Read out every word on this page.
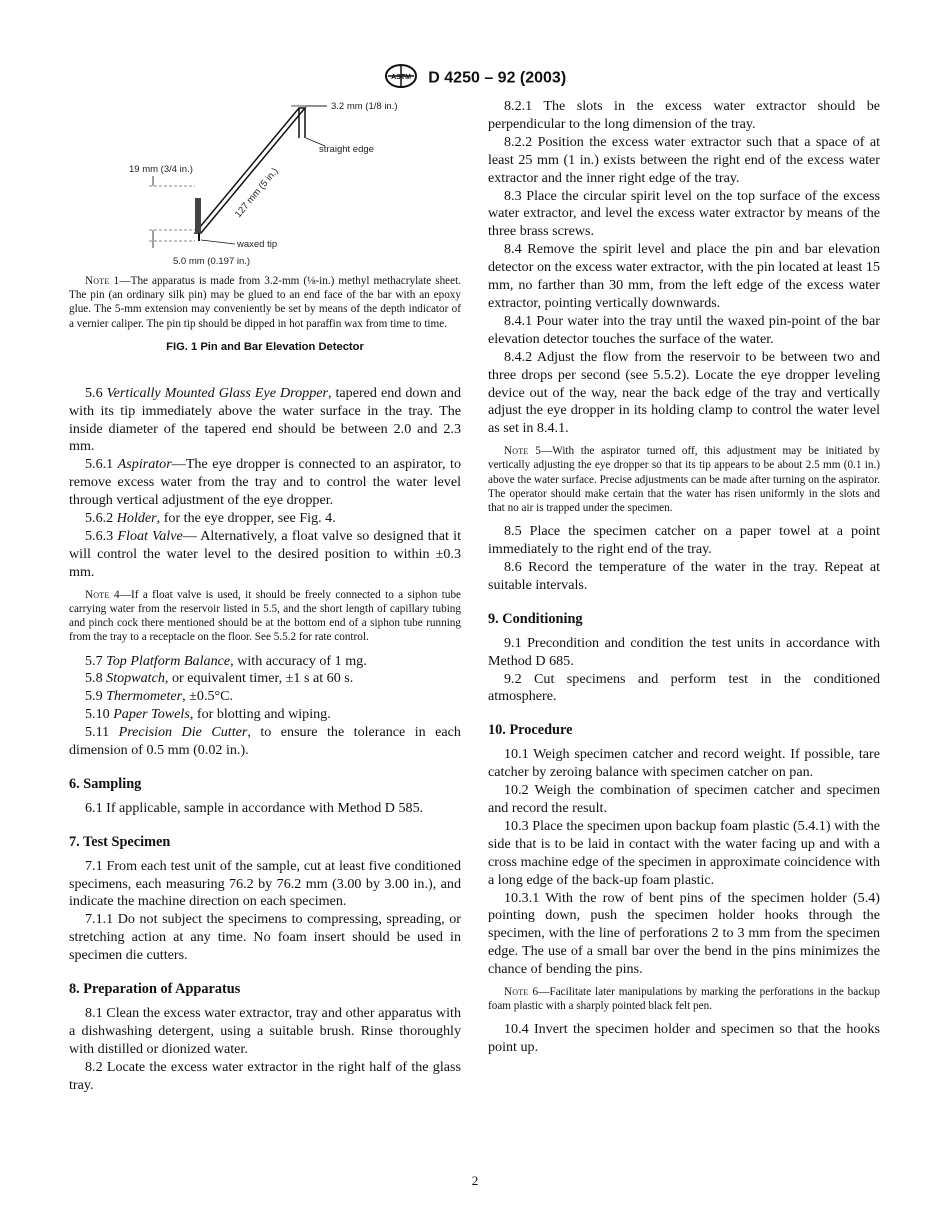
ASTM D 4250 – 92 (2003)
3.2 mm (1/8 in.)
straight edge
19 mm (3/4 in.)	127 mm (5 in.)
waxed tip
5.0 mm (0.197 in.)
Note 1—The apparatus is made from 3.2-mm (⅛-in.) methyl methacrylate sheet. The pin (an ordinary silk pin) may be glued to an end face of the bar with an epoxy glue. The 5-mm extension may conveniently be set by means of the depth indicator of a vernier caliper. The pin tip should be dipped in hot paraffin wax from time to time.
FIG. 1 Pin and Bar Elevation Detector

5.6 Vertically Mounted Glass Eye Dropper, tapered end down and with its tip immediately above the water surface in the tray. The inside diameter of the tapered end should be between 2.0 and 2.3 mm.

5.6.1 Aspirator—The eye dropper is connected to an aspirator, to remove excess water from the tray and to control the water level through vertical adjustment of the eye dropper.

5.6.2 Holder, for the eye dropper, see Fig. 4.

5.6.3 Float Valve— Alternatively, a float valve so designed that it will control the water level to the desired position to within ±0.3 mm.

Note 4—If a float valve is used, it should be freely connected to a siphon tube carrying water from the reservoir listed in 5.5, and the short length of capillary tubing and pinch cock there mentioned should be at the bottom end of a siphon tube running from the tray to a receptacle on the floor. See 5.5.2 for rate control.

5.7 Top Platform Balance, with accuracy of 1 mg.

5.8 Stopwatch, or equivalent timer, ±1 s at 60 s.

5.9 Thermometer, ±0.5°C.

5.10 Paper Towels, for blotting and wiping.

5.11 Precision Die Cutter, to ensure the tolerance in each dimension of 0.5 mm (0.02 in.).

6. Sampling

6.1 If applicable, sample in accordance with Method D 585.

7. Test Specimen

7.1 From each test unit of the sample, cut at least five conditioned specimens, each measuring 76.2 by 76.2 mm (3.00 by 3.00 in.), and indicate the machine direction on each specimen.

7.1.1 Do not subject the specimens to compressing, spreading, or stretching action at any time. No foam insert should be used in specimen die cutters.

8. Preparation of Apparatus

8.1 Clean the excess water extractor, tray and other apparatus with a dishwashing detergent, using a suitable brush. Rinse thoroughly with distilled or dionized water.

8.2 Locate the excess water extractor in the right half of the glass tray.

8.2.1 The slots in the excess water extractor should be perpendicular to the long dimension of the tray.

8.2.2 Position the excess water extractor such that a space of at least 25 mm (1 in.) exists between the right end of the excess water extractor and the inner right edge of the tray.

8.3 Place the circular spirit level on the top surface of the excess water extractor, and level the excess water extractor by means of the three brass screws.

8.4 Remove the spirit level and place the pin and bar elevation detector on the excess water extractor, with the pin located at least 15 mm, no farther than 30 mm, from the left edge of the excess water extractor, pointing vertically downwards.

8.4.1 Pour water into the tray until the waxed pin-point of the bar elevation detector touches the surface of the water.

8.4.2 Adjust the flow from the reservoir to be between two and three drops per second (see 5.5.2). Locate the eye dropper leveling device out of the way, near the back edge of the tray and vertically adjust the eye dropper in its holding clamp to control the water level as set in 8.4.1.

Note 5—With the aspirator turned off, this adjustment may be initiated by vertically adjusting the eye dropper so that its tip appears to be about 2.5 mm (0.1 in.) above the water surface. Precise adjustments can be made after turning on the aspirator. The operator should make certain that the water has risen uniformly in the slots and that no air is trapped under the specimen.

8.5 Place the specimen catcher on a paper towel at a point immediately to the right end of the tray.

8.6 Record the temperature of the water in the tray. Repeat at suitable intervals.

9. Conditioning

9.1 Precondition and condition the test units in accordance with Method D 685.

9.2 Cut specimens and perform test in the conditioned atmosphere.

10. Procedure

10.1 Weigh specimen catcher and record weight. If possible, tare catcher by zeroing balance with specimen catcher on pan.

10.2 Weigh the combination of specimen catcher and specimen and record the result.

10.3 Place the specimen upon backup foam plastic (5.4.1) with the side that is to be laid in contact with the water facing up and with a cross machine edge of the specimen in approximate coincidence with a long edge of the back-up foam plastic.

10.3.1 With the row of bent pins of the specimen holder (5.4) pointing down, push the specimen holder hooks through the specimen, with the line of perforations 2 to 3 mm from the specimen edge. The use of a small bar over the bend in the pins minimizes the chance of bending the pins.

Note 6—Facilitate later manipulations by marking the perforations in the backup foam plastic with a sharply pointed black felt pen.

10.4 Invert the specimen holder and specimen so that the hooks point up.

2
